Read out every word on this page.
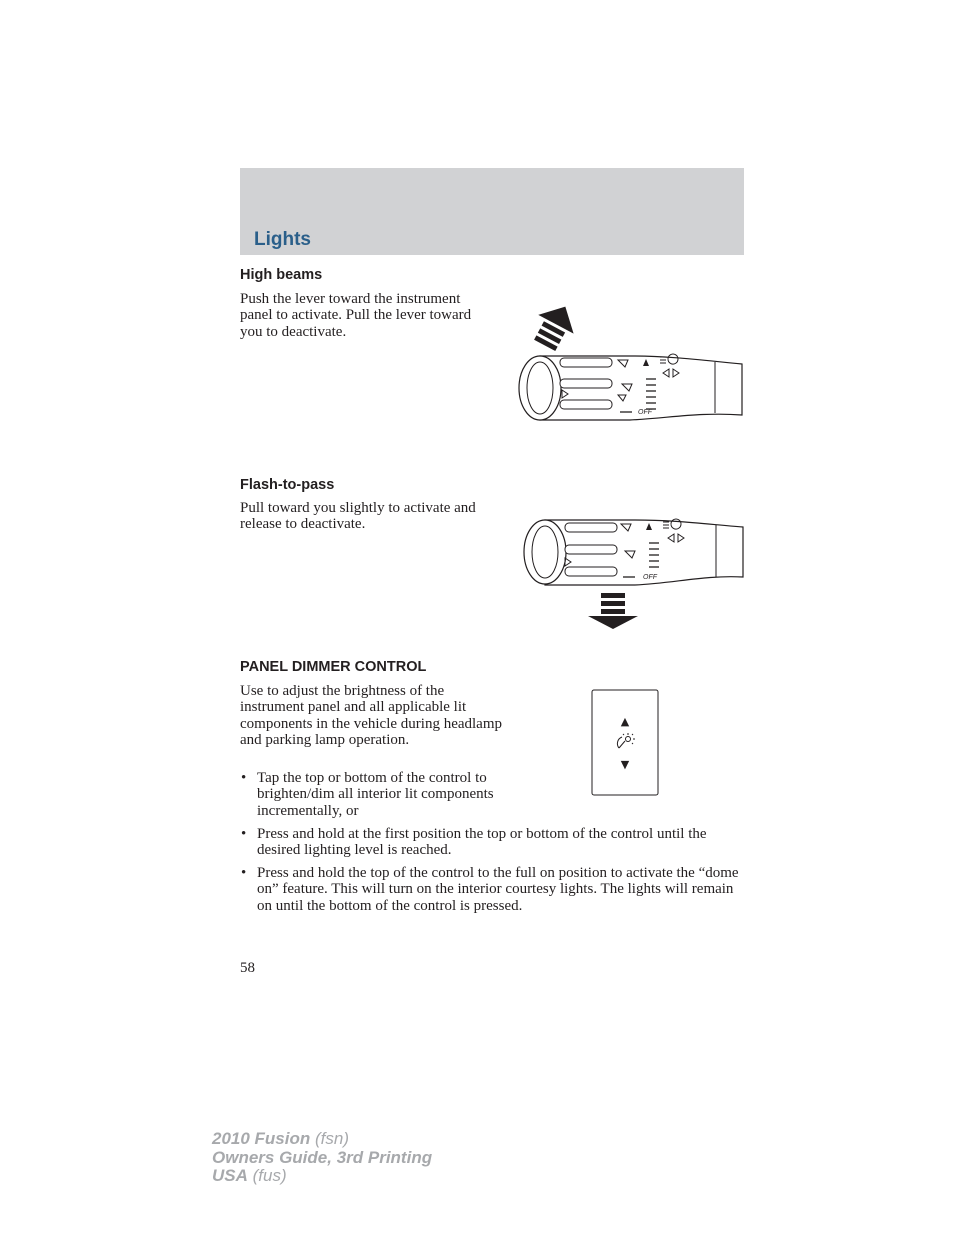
Lights
High beams

Push the lever toward the instrument panel to activate. Pull the lever toward you to deactivate.

OFF
Flash-to-pass

Pull toward you slightly to activate and release to deactivate.

OFF
PANEL DIMMER CONTROL

Use to adjust the brightness of the instrument panel and all applicable lit components in the vehicle during headlamp and parking lamp operation.

• Tap the top or bottom of the control to brighten/dim all interior lit components incrementally, or
• Press and hold at the first position the top or bottom of the control until the desired lighting level is reached.
• Press and hold the top of the control to the full on position to activate the “dome on” feature. This will turn on the interior courtesy lights. The lights will remain on until the bottom of the control is pressed.
▲
▼

58

2010 Fusion (fsn)
Owners Guide, 3rd Printing
USA (fus)
